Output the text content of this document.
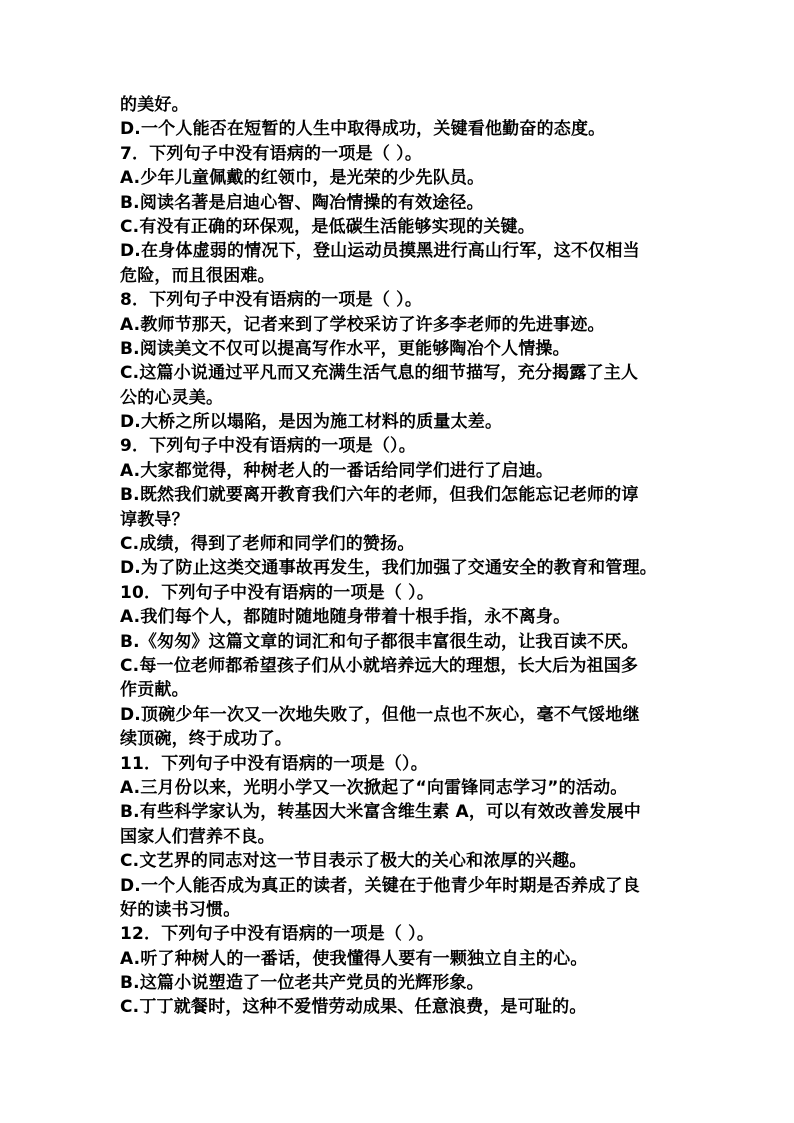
的美好。
D.一个人能否在短暂的人生中取得成功，关键看他勤奋的态度。
7．下列句子中没有语病的一项是（ ）。
A.少年儿童佩戴的红领巾，是光荣的少先队员。
B.阅读名著是启迪心智、陶冶情操的有效途径。
C.有没有正确的环保观，是低碳生活能够实现的关键。
D.在身体虚弱的情况下，登山运动员摸黑进行高山行军，这不仅相当
危险，而且很困难。
8．下列句子中没有语病的一项是（ ）。
A.教师节那天，记者来到了学校采访了许多李老师的先进事迹。
B.阅读美文不仅可以提高写作水平，更能够陶冶个人情操。
C.这篇小说通过平凡而又充满生活气息的细节描写，充分揭露了主人
公的心灵美。
D.大桥之所以塌陷，是因为施工材料的质量太差。
9．下列句子中没有语病的一项是（）。
A.大家都觉得，种树老人的一番话给同学们进行了启迪。
B.既然我们就要离开教育我们六年的老师，但我们怎能忘记老师的谆
谆教导？
C.成绩，得到了老师和同学们的赞扬。
D.为了防止这类交通事故再发生，我们加强了交通安全的教育和管理。
10．下列句子中没有语病的一项是（ ）。
A.我们每个人，都随时随地随身带着十根手指，永不离身。
B.《匆匆》这篇文章的词汇和句子都很丰富很生动，让我百读不厌。
C.每一位老师都希望孩子们从小就培养远大的理想，长大后为祖国多
作贡献。
D.顶碗少年一次又一次地失败了，但他一点也不灰心，毫不气馁地继
续顶碗，终于成功了。
11．下列句子中没有语病的一项是（）。
A.三月份以来，光明小学又一次掀起了“向雷锋同志学习”的活动。
B.有些科学家认为，转基因大米富含维生素 A，可以有效改善发展中
国家人们营养不良。
C.文艺界的同志对这一节目表示了极大的关心和浓厚的兴趣。
D.一个人能否成为真正的读者，关键在于他青少年时期是否养成了良
好的读书习惯。
12．下列句子中没有语病的一项是（ ）。
A.听了种树人的一番话，使我懂得人要有一颗独立自主的心。
B.这篇小说塑造了一位老共产党员的光辉形象。
C.丁丁就餐时，这种不爱惜劳动成果、任意浪费，是可耻的。
